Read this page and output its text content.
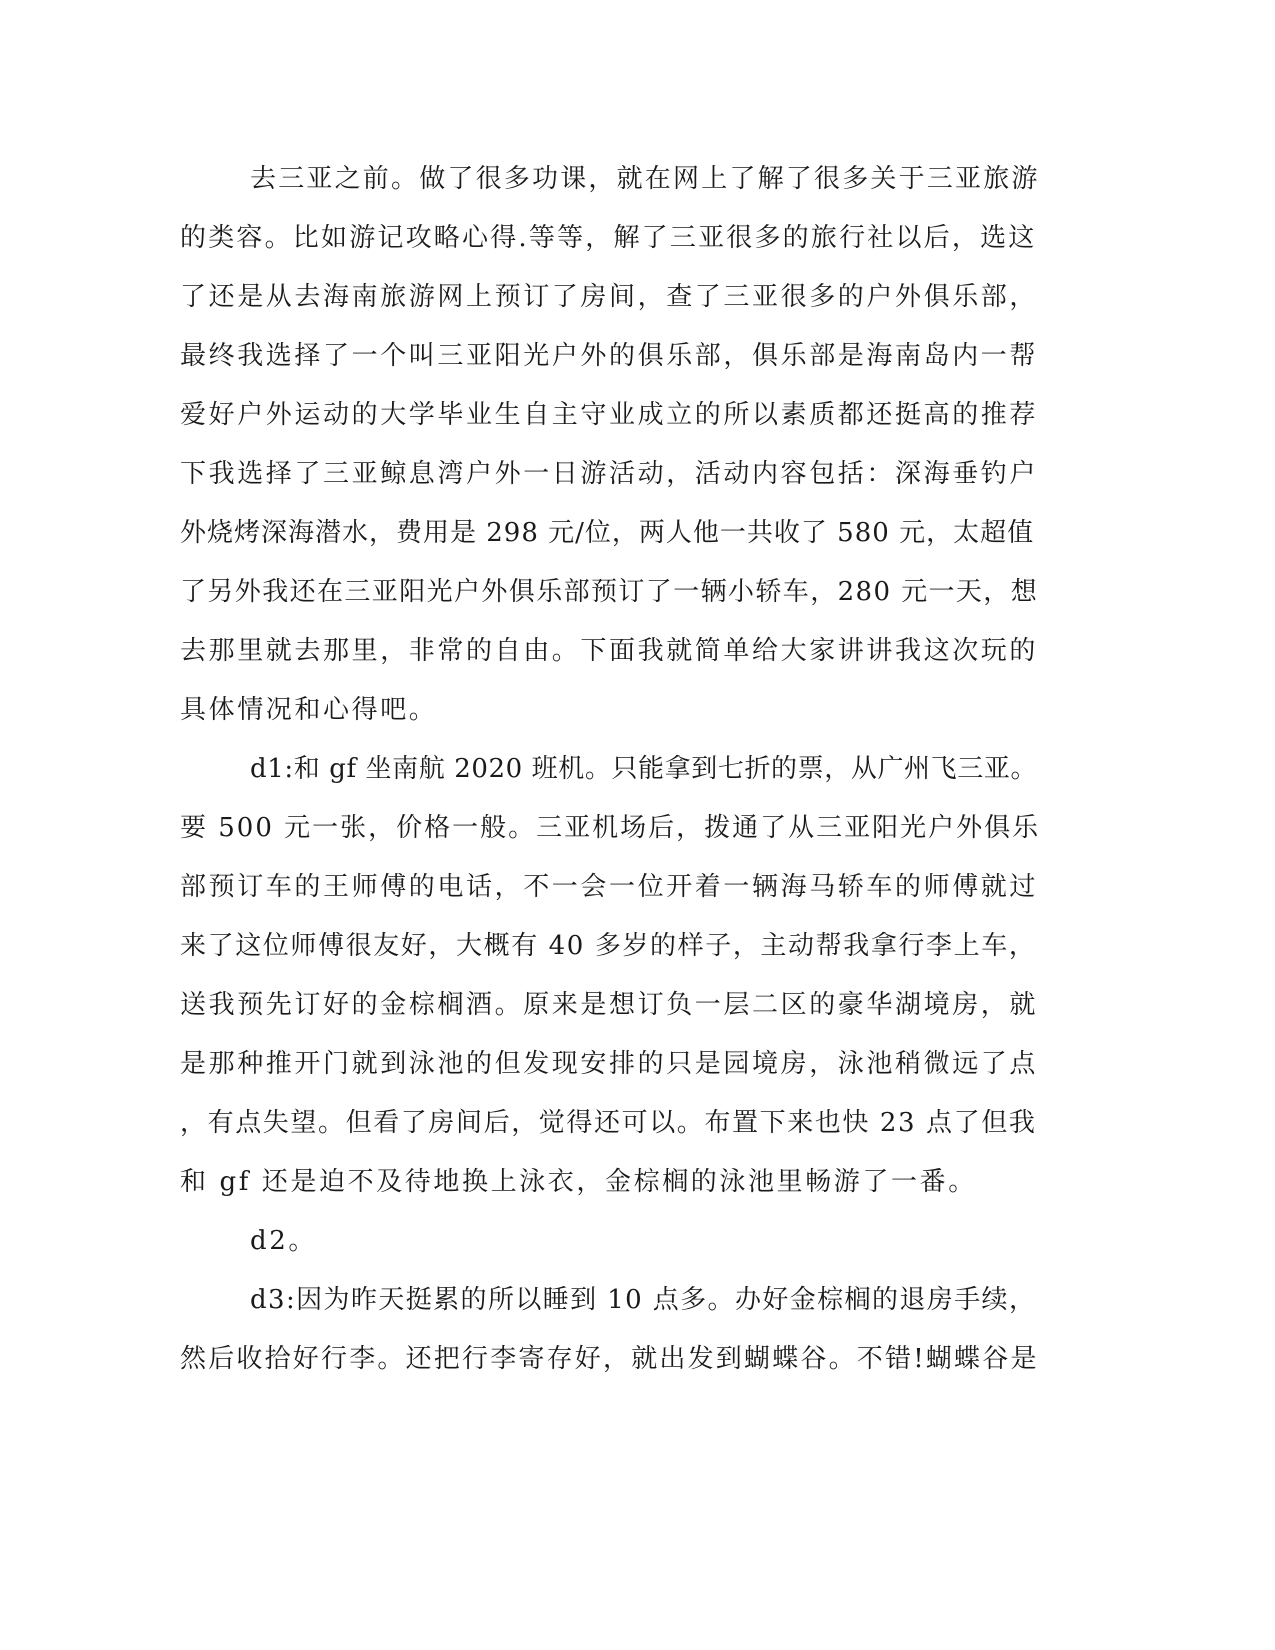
去三亚之前。做了很多功课，就在网上了解了很多关于三亚旅游
的类容。比如游记攻略心得.等等，解了三亚很多的旅行社以后，选这
了还是从去海南旅游网上预订了房间，查了三亚很多的户外俱乐部，
最终我选择了一个叫三亚阳光户外的俱乐部，俱乐部是海南岛内一帮
爱好户外运动的大学毕业生自主守业成立的所以素质都还挺高的推荐
下我选择了三亚鲸息湾户外一日游活动，活动内容包括：深海垂钓户
外烧烤深海潜水，费用是 298 元/位，两人他一共收了 580 元，太超值
了另外我还在三亚阳光户外俱乐部预订了一辆小轿车，280 元一天，想
去那里就去那里，非常的自由。下面我就简单给大家讲讲我这次玩的
具体情况和心得吧。
d1:和 gf 坐南航 2020 班机。只能拿到七折的票，从广州飞三亚。
要 500 元一张，价格一般。三亚机场后，拨通了从三亚阳光户外俱乐
部预订车的王师傅的电话，不一会一位开着一辆海马轿车的师傅就过
来了这位师傅很友好，大概有 40 多岁的样子，主动帮我拿行李上车，
送我预先订好的金棕榈酒。原来是想订负一层二区的豪华湖境房，就
是那种推开门就到泳池的但发现安排的只是园境房，泳池稍微远了点
，有点失望。但看了房间后，觉得还可以。布置下来也快 23 点了但我
和 gf 还是迫不及待地换上泳衣，金棕榈的泳池里畅游了一番。
d2。
d3:因为昨天挺累的所以睡到 10 点多。办好金棕榈的退房手续，
然后收拾好行李。还把行李寄存好，就出发到蝴蝶谷。不错!蝴蝶谷是
